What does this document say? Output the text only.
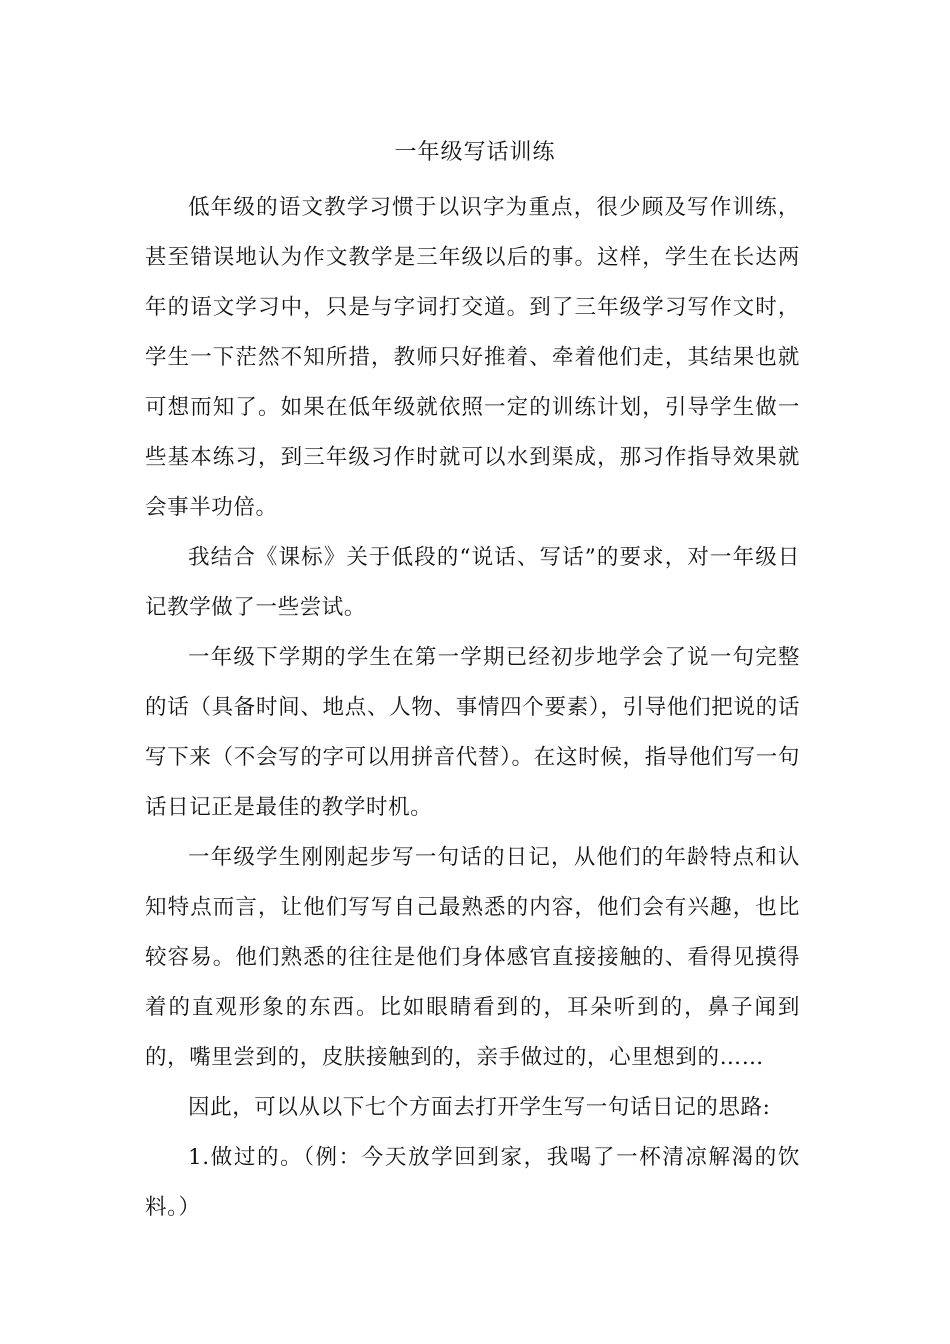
一年级写话训练

低年级的语文教学习惯于以识字为重点，很少顾及写作训练，甚至错误地认为作文教学是三年级以后的事。这样，学生在长达两年的语文学习中，只是与字词打交道。到了三年级学习写作文时，学生一下茫然不知所措，教师只好推着、牵着他们走，其结果也就可想而知了。如果在低年级就依照一定的训练计划，引导学生做一些基本练习，到三年级习作时就可以水到渠成，那习作指导效果就会事半功倍。

我结合《课标》关于低段的“说话、写话”的要求，对一年级日记教学做了一些尝试。

一年级下学期的学生在第一学期已经初步地学会了说一句完整的话（具备时间、地点、人物、事情四个要素），引导他们把说的话写下来（不会写的字可以用拼音代替）。在这时候，指导他们写一句话日记正是最佳的教学时机。

一年级学生刚刚起步写一句话的日记，从他们的年龄特点和认知特点而言，让他们写写自己最熟悉的内容，他们会有兴趣，也比较容易。他们熟悉的往往是他们身体感官直接接触的、看得见摸得着的直观形象的东西。比如眼睛看到的，耳朵听到的，鼻子闻到的，嘴里尝到的，皮肤接触到的，亲手做过的，心里想到的……

因此，可以从以下七个方面去打开学生写一句话日记的思路:

1.做过的。（例：今天放学回到家，我喝了一杯清凉解渴的饮料。）
